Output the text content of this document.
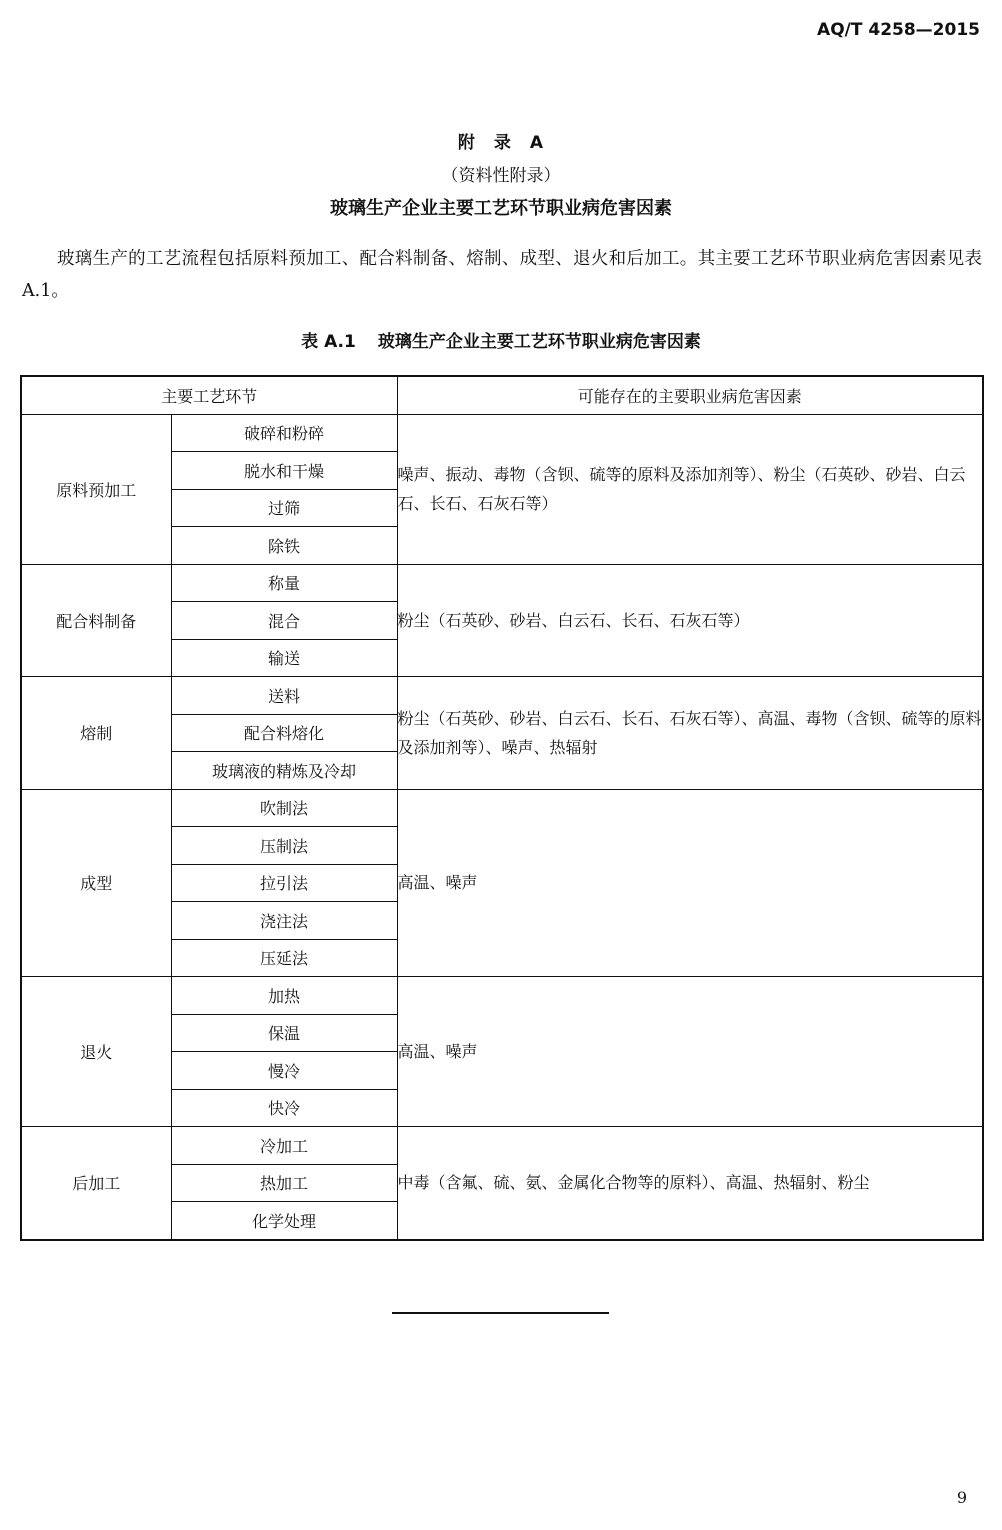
AQ/T 4258—2015
附　录　A
（资料性附录）
玻璃生产企业主要工艺环节职业病危害因素

玻璃生产的工艺流程包括原料预加工、配合料制备、熔制、成型、退火和后加工。其主要工艺环节职业病危害因素见表 A.1。

表 A.1 玻璃生产企业主要工艺环节职业病危害因素
主要工艺环节		可能存在的主要职业病危害因素
原料预加工	破碎和粉碎	噪声、振动、毒物（含钡、硫等的原料及添加剂等）、粉尘（石英砂、砂岩、白云石、长石、石灰石等）
	脱水和干燥	
	过筛	
	除铁	
配合料制备	称量	粉尘（石英砂、砂岩、白云石、长石、石灰石等）
	混合	
	输送	
熔制	送料	粉尘（石英砂、砂岩、白云石、长石、石灰石等）、高温、毒物（含钡、硫等的原料及添加剂等）、噪声、热辐射
	配合料熔化	
	玻璃液的精炼及冷却	
成型	吹制法	高温、噪声
	压制法	
	拉引法	
	浇注法	
	压延法	
退火	加热	高温、噪声
	保温	
	慢冷	
	快冷	
后加工	冷加工	中毒（含氟、硫、氨、金属化合物等的原料）、高温、热辐射、粉尘
	热加工	
	化学处理	
9
